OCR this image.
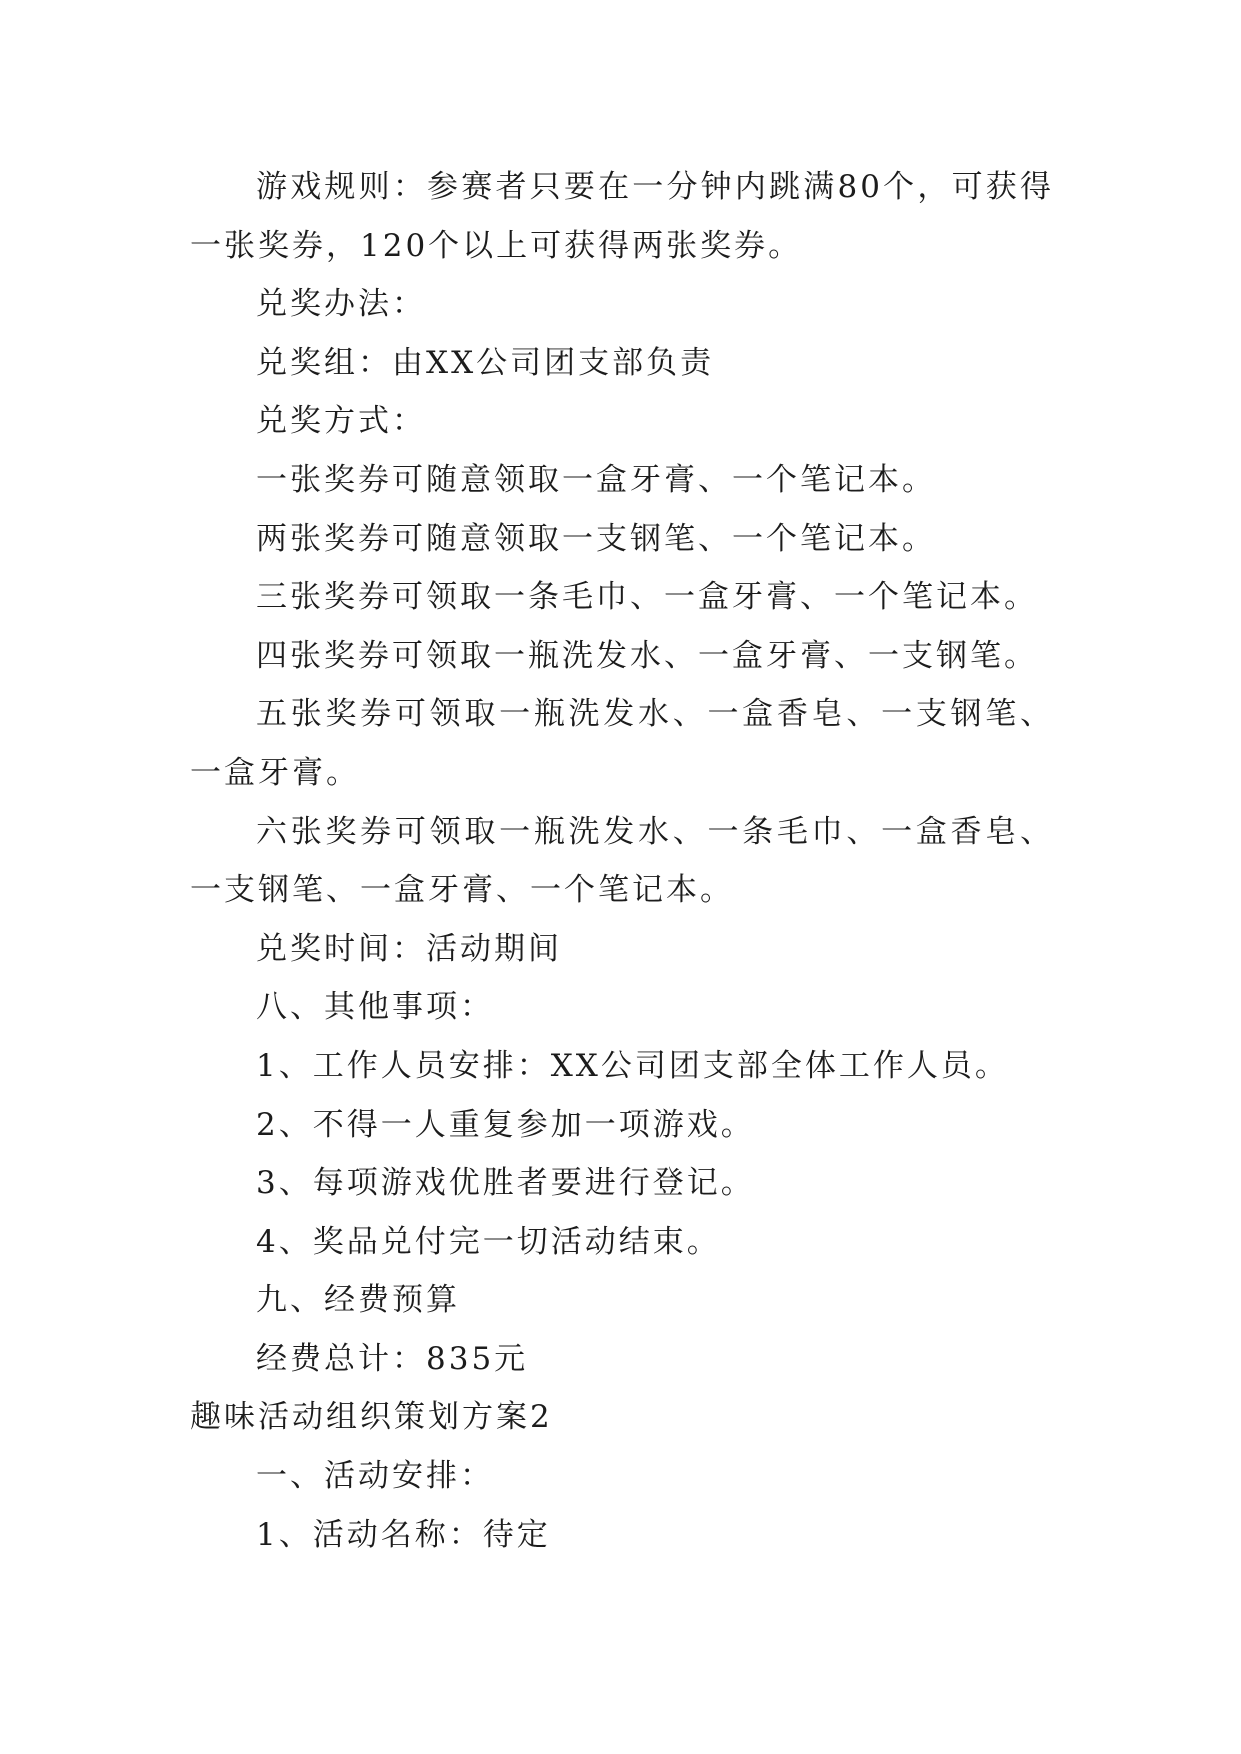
游戏规则：参赛者只要在一分钟内跳满80个，可获得一张奖券，120个以上可获得两张奖券。

兑奖办法：

兑奖组：由XX公司团支部负责

兑奖方式：

一张奖券可随意领取一盒牙膏、一个笔记本。

两张奖券可随意领取一支钢笔、一个笔记本。

三张奖券可领取一条毛巾、一盒牙膏、一个笔记本。

四张奖券可领取一瓶洗发水、一盒牙膏、一支钢笔。

五张奖券可领取一瓶洗发水、一盒香皂、一支钢笔、一盒牙膏。

六张奖券可领取一瓶洗发水、一条毛巾、一盒香皂、一支钢笔、一盒牙膏、一个笔记本。

兑奖时间：活动期间

八、其他事项：

1、工作人员安排：XX公司团支部全体工作人员。

2、不得一人重复参加一项游戏。

3、每项游戏优胜者要进行登记。

4、奖品兑付完一切活动结束。

九、经费预算

经费总计：835元

趣味活动组织策划方案2

一、活动安排：

1、活动名称：待定
